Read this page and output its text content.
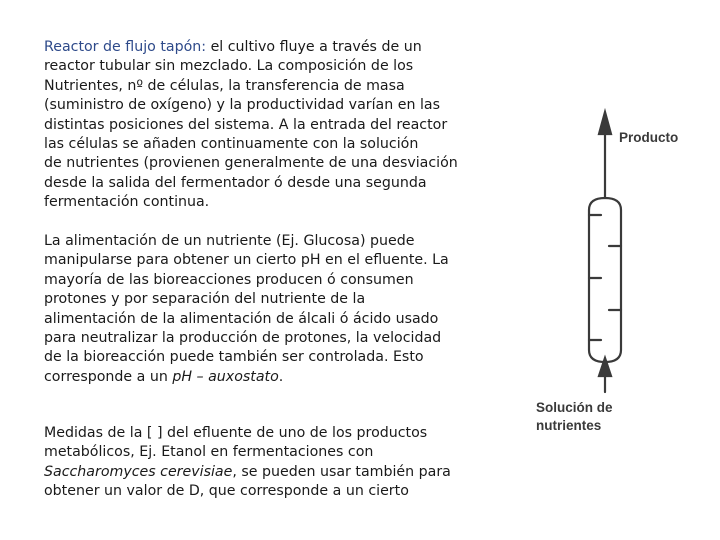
Reactor de flujo tapón: el cultivo fluye a través de un
reactor tubular sin mezclado. La composición de los
Nutrientes, nº de células, la transferencia de masa
(suministro de oxígeno) y la productividad varían en las
distintas posiciones del sistema. A la entrada del reactor
las células se añaden continuamente con la solución
de nutrientes (provienen generalmente de una desviación
desde la salida del fermentador ó desde una segunda
fermentación continua.
La alimentación de un nutriente (Ej. Glucosa) puede
manipularse para obtener un cierto pH en el efluente. La
mayoría de las bioreacciones producen ó consumen
protones y por separación del nutriente de la
alimentación de la alimentación de álcali ó ácido usado
para neutralizar la producción de protones, la velocidad
de la bioreacción puede también ser controlada. Esto
corresponde a un pH – auxostato.
Medidas de la [ ] del efluente de uno de los productos
metabólicos, Ej. Etanol en fermentaciones con
Saccharomyces cerevisiae, se pueden usar también para
obtener un valor de D, que corresponde a un cierto
Producto
Solución de
nutrientes
